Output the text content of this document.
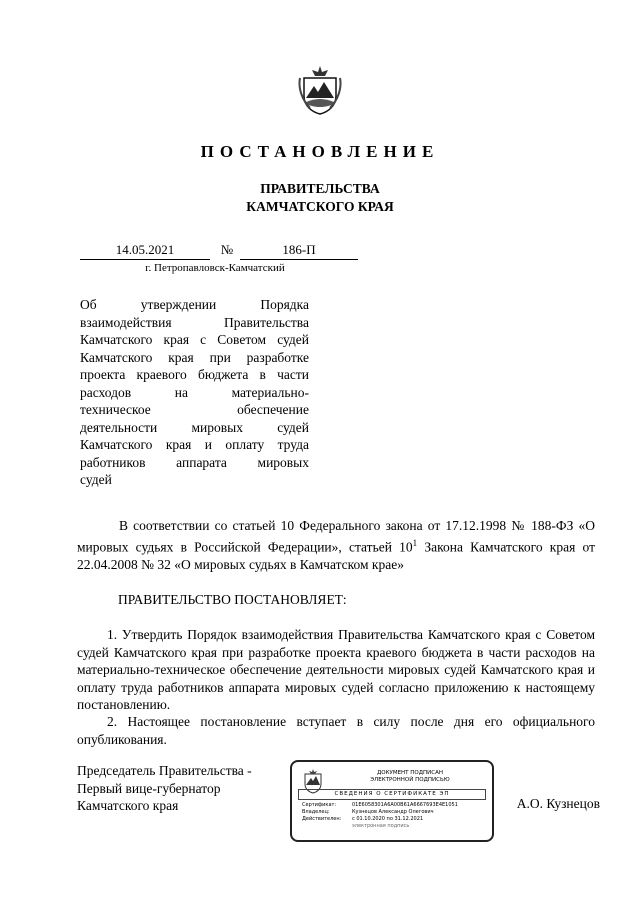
ПОСТАНОВЛЕНИЕ
ПРАВИТЕЛЬСТВА
КАМЧАТСКОГО КРАЯ
14.05.2021	№	186-П
г. Петропавловск-Камчатский
Об утверждении Порядка
взаимодействия Правительства
Камчатского края с Советом судей
Камчатского края при разработке
проекта краевого бюджета в части
расходов на материально-
техническое обеспечение
деятельности мировых судей
Камчатского края и оплату труда
работников аппарата мировых
судей
В соответствии со статьей 10 Федерального закона от 17.12.1998 № 188-ФЗ «О мировых судьях в Российской Федерации», статьей $10^1$ Закона Камчатского края от 22.04.2008 № 32 «О мировых судьях в Камчатском крае»
ПРАВИТЕЛЬСТВО ПОСТАНОВЛЯЕТ:
1. Утвердить Порядок взаимодействия Правительства Камчатского края с Советом судей Камчатского края при разработке проекта краевого бюджета в части расходов на материально-техническое обеспечение деятельности мировых судей Камчатского края и оплату труда работников аппарата мировых судей согласно приложению к настоящему постановлению.
2. Настоящее постановление вступает в силу после дня его официального опубликования.
Председатель Правительства -
Первый вице-губернатор
Камчатского края
ДОКУМЕНТ ПОДПИСАН
ЭЛЕКТРОННОЙ ПОДПИСЬЮ
СВЕДЕНИЯ О СЕРТИФИКАТЕ ЭП
Сертификат:	01E6058301A6A00B61A6667693E4E1051
Владелец:	Кузнецов Александр Олегович
Действителен:	с 01.10.2020 по 31.12.2021
электронная подпись
А.О. Кузнецов
